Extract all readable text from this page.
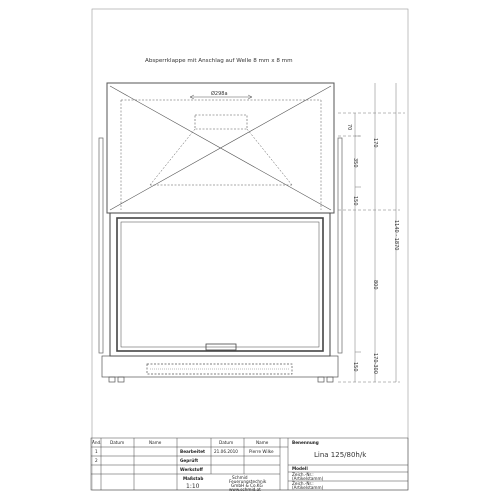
Absperrklappe mit Anschlag auf Welle 8 mm x 8 mm
Ø298a
70
350
150
170
800
150	170-300
1140 - 1870
Änd. Datum	Name
1
2
Datum	Name
Bearbeitet 21.06.2010	Pierre Wilke
Geprüft
Werkstoff
Maßstab
1:10
Schmid
Feuerungstechnik
GmbH & Co.KG
www.schmid.at
Benennung
Lina 125/80h/k
Modell
Zeich.-Nr.:
(Artikelstamm)
Zeich.-Nr.:
(Artikelstamm)
